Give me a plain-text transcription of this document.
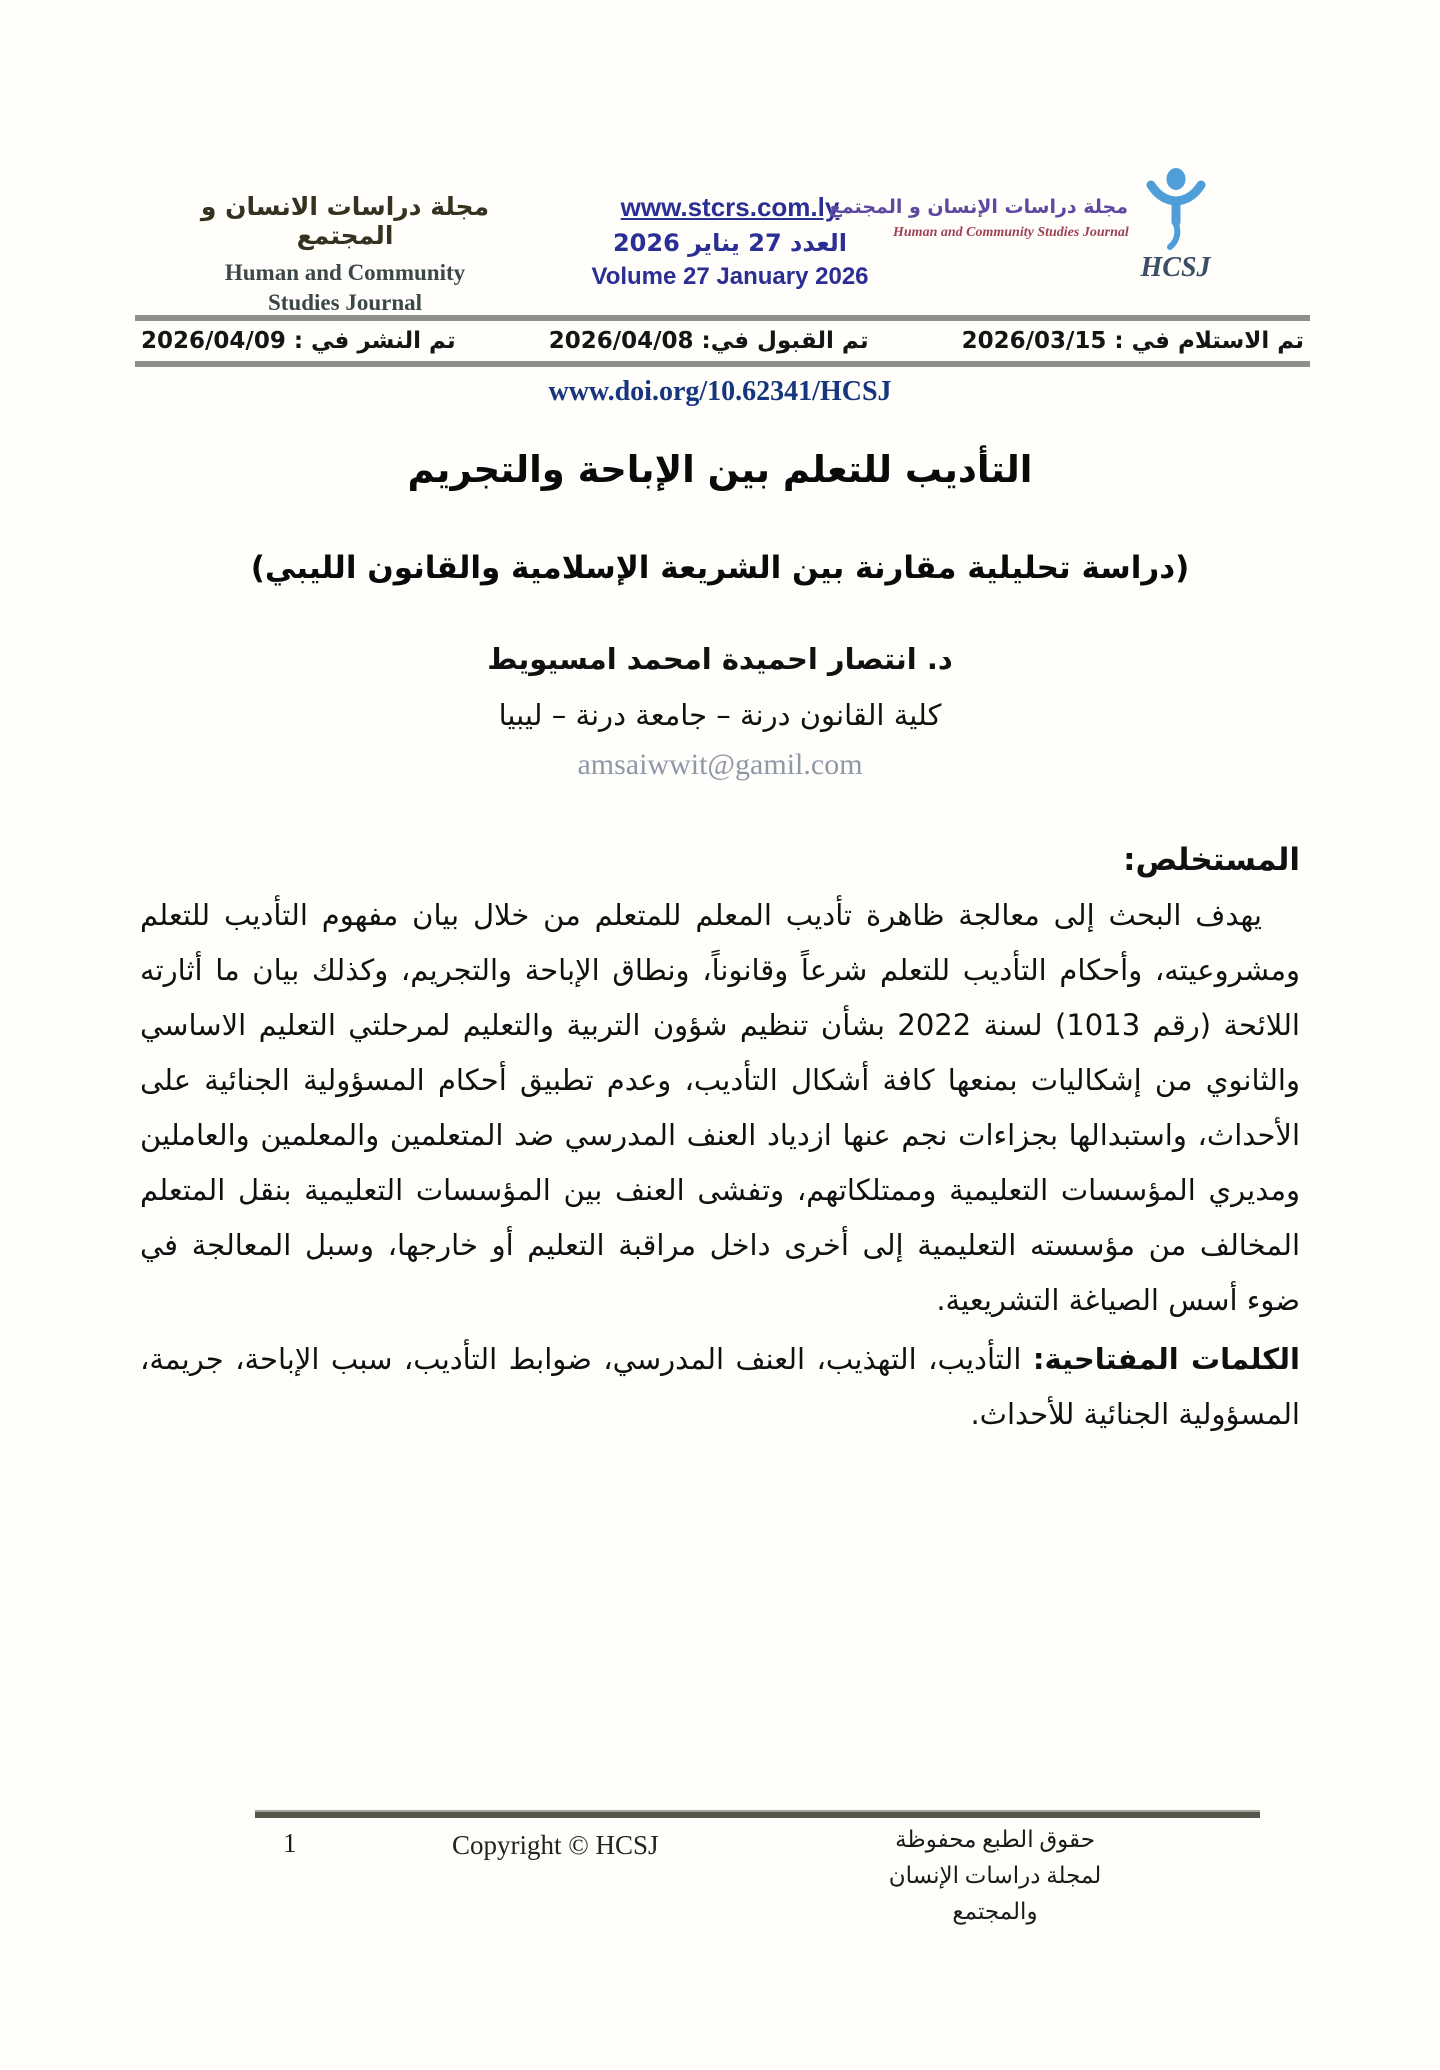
مجلة دراسات الانسان و المجتمع
Human and Community
Studies Journal
www.stcrs.com.ly
العدد 27 يناير 2026
Volume 27 January 2026
مجلة دراسات الإنسان و المجتمع
Human and Community Studies Journal
HCSJ
تم الاستلام في : 2026/03/15
تم القبول في: 2026/04/08
تم النشر في : 2026/04/09
www.doi.org/10.62341/HCSJ
التأديب للتعلم بين الإباحة والتجريم
(دراسة تحليلية مقارنة بين الشريعة الإسلامية والقانون الليبي)
د. انتصار احميدة امحمد امسيويط
كلية القانون درنة – جامعة درنة – ليبيا
amsaiwwit@gamil.com
المستخلص:
يهدف البحث إلى معالجة ظاهرة تأديب المعلم للمتعلم من خلال بيان مفهوم التأديب للتعلم ومشروعيته، وأحكام التأديب للتعلم شرعاً وقانوناً، ونطاق الإباحة والتجريم، وكذلك بيان ما أثارته اللائحة (رقم 1013) لسنة 2022 بشأن تنظيم شؤون التربية والتعليم لمرحلتي التعليم الاساسي والثانوي من إشكاليات بمنعها كافة أشكال التأديب، وعدم تطبيق أحكام المسؤولية الجنائية على الأحداث، واستبدالها بجزاءات نجم عنها ازدياد العنف المدرسي ضد المتعلمين والمعلمين والعاملين ومديري المؤسسات التعليمية وممتلكاتهم، وتفشى العنف بين المؤسسات التعليمية بنقل المتعلم المخالف من مؤسسته التعليمية إلى أخرى داخل مراقبة التعليم أو خارجها، وسبل المعالجة في ضوء أسس الصياغة التشريعية.
الكلمات المفتاحية: التأديب، التهذيب، العنف المدرسي، ضوابط التأديب، سبب الإباحة، جريمة، المسؤولية الجنائية للأحداث.
1	Copyright © HCSJ	حقوق الطبع محفوظة
لمجلة دراسات الإنسان والمجتمع
